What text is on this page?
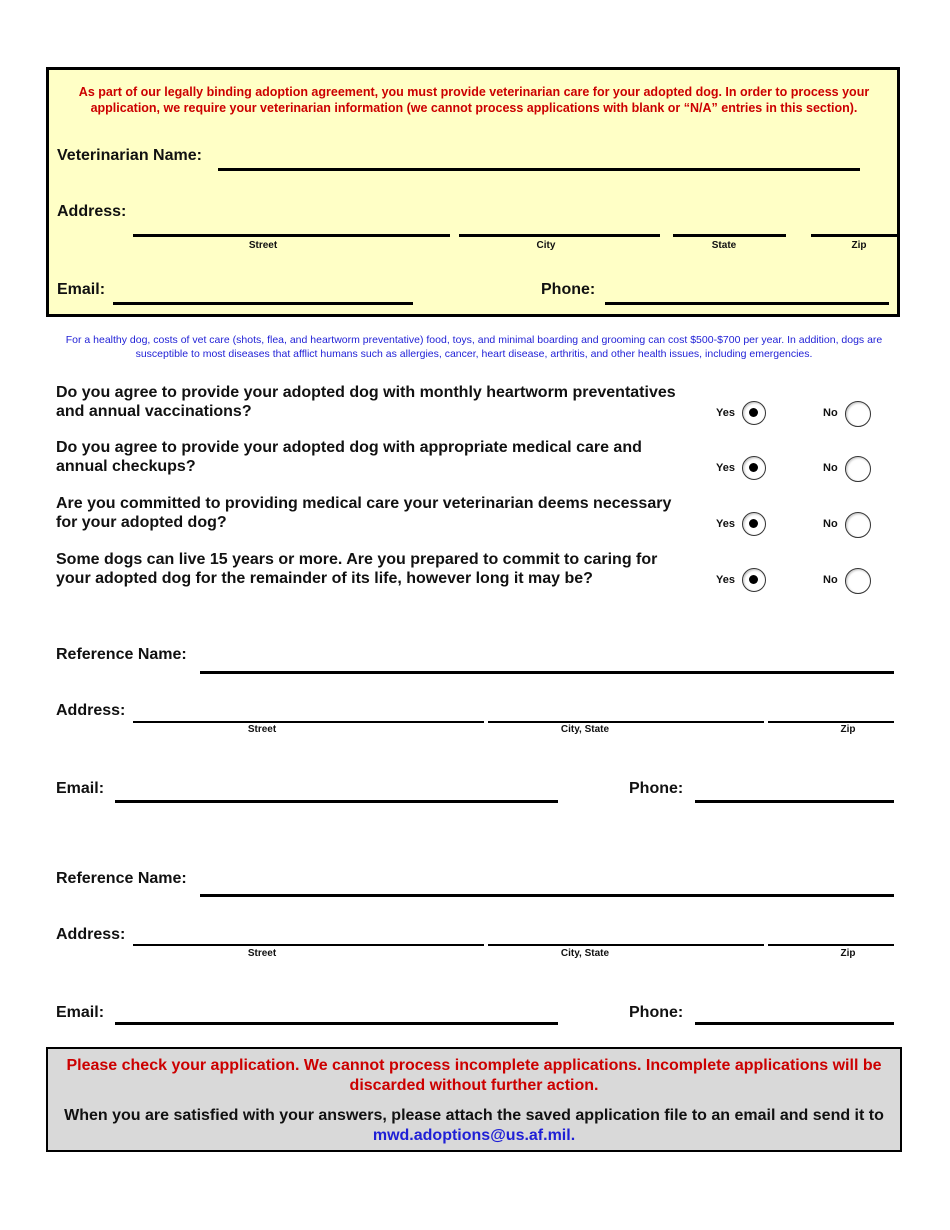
As part of our legally binding adoption agreement, you must provide veterinarian care for your adopted dog. In order to process your application, we require your veterinarian information (we cannot process applications with blank or “N/A” entries in this section).
Veterinarian Name:
Address:
Street	City	State	Zip
Email:	Phone:
For a healthy dog, costs of vet care (shots, flea, and heartworm preventative) food, toys, and minimal boarding and grooming can cost $500-$700 per year. In addition, dogs are susceptible to most diseases that afflict humans such as allergies, cancer, heart disease, arthritis, and other health issues, including emergencies.
Do you agree to provide your adopted dog with monthly heartworm preventatives and annual vaccinations?	Yes	No
Do you agree to provide your adopted dog with appropriate medical care and annual checkups?	Yes	No
Are you committed to providing medical care your veterinarian deems necessary for your adopted dog?	Yes	No
Some dogs can live 15 years or more. Are you prepared to commit to caring for your adopted dog for the remainder of its life, however long it may be?	Yes	No
Reference Name:
Address:
Street	City, State	Zip
Email:	Phone:
Reference Name:
Address:
Street	City, State	Zip
Email:	Phone:
Please check your application. We cannot process incomplete applications. Incomplete applications will be discarded without further action.
When you are satisfied with your answers, please attach the saved application file to an email and send it to mwd.adoptions@us.af.mil.
